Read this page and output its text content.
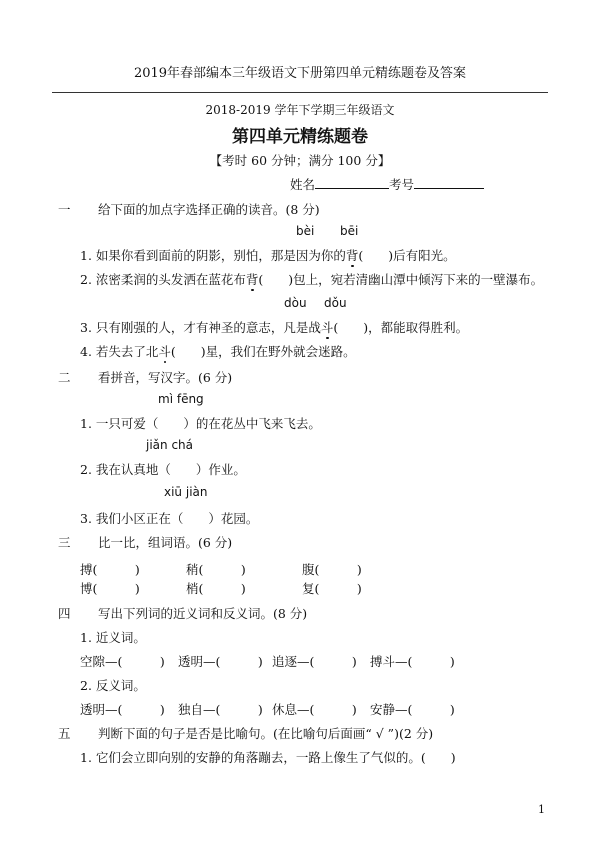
2019年春部编本三年级语文下册第四单元精练题卷及答案
2018-2019 学年下学期三年级语文
第四单元精练题卷
【考时 60 分钟；满分 100 分】
姓名	考号
一 给下面的加点字选择正确的读音。(8 分)
bèi bēi
1. 如果你看到面前的阴影，别怕，那是因为你的背(　　)后有阳光。
2. 浓密柔润的头发洒在蓝花布背(　　)包上，宛若清幽山潭中倾泻下来的一壁瀑布。
dòu dǒu
3. 只有刚强的人，才有神圣的意志，凡是战斗(　　)，都能取得胜利。
4. 若失去了北斗(　　)星，我们在野外就会迷路。
二 看拼音，写汉字。(6 分)
mì fēng
1. 一只可爱（　　）的在花丛中飞来飞去。
jiǎn chá
2. 我在认真地（　　）作业。
xiū jiàn
3. 我们小区正在（　　）花园。
三 比一比，组词语。(6 分)
搏(　　　)	稍(　　　)	腹(　　　)
博(　　　)	梢(　　　)	复(　　　)
四 写出下列词的近义词和反义词。(8 分)
1. 近义词。
空隙—(　　　) 透明—(　　　) 追逐—(　　　) 搏斗—(　　　)
2. 反义词。
透明—(　　　) 独自—(　　　) 休息—(　　　) 安静—(　　　)
五 判断下面的句子是否是比喻句。(在比喻句后面画“ √ ”)(2 分)
1. 它们会立即向别的安静的角落蹦去，一路上像生了气似的。(　　)
1
